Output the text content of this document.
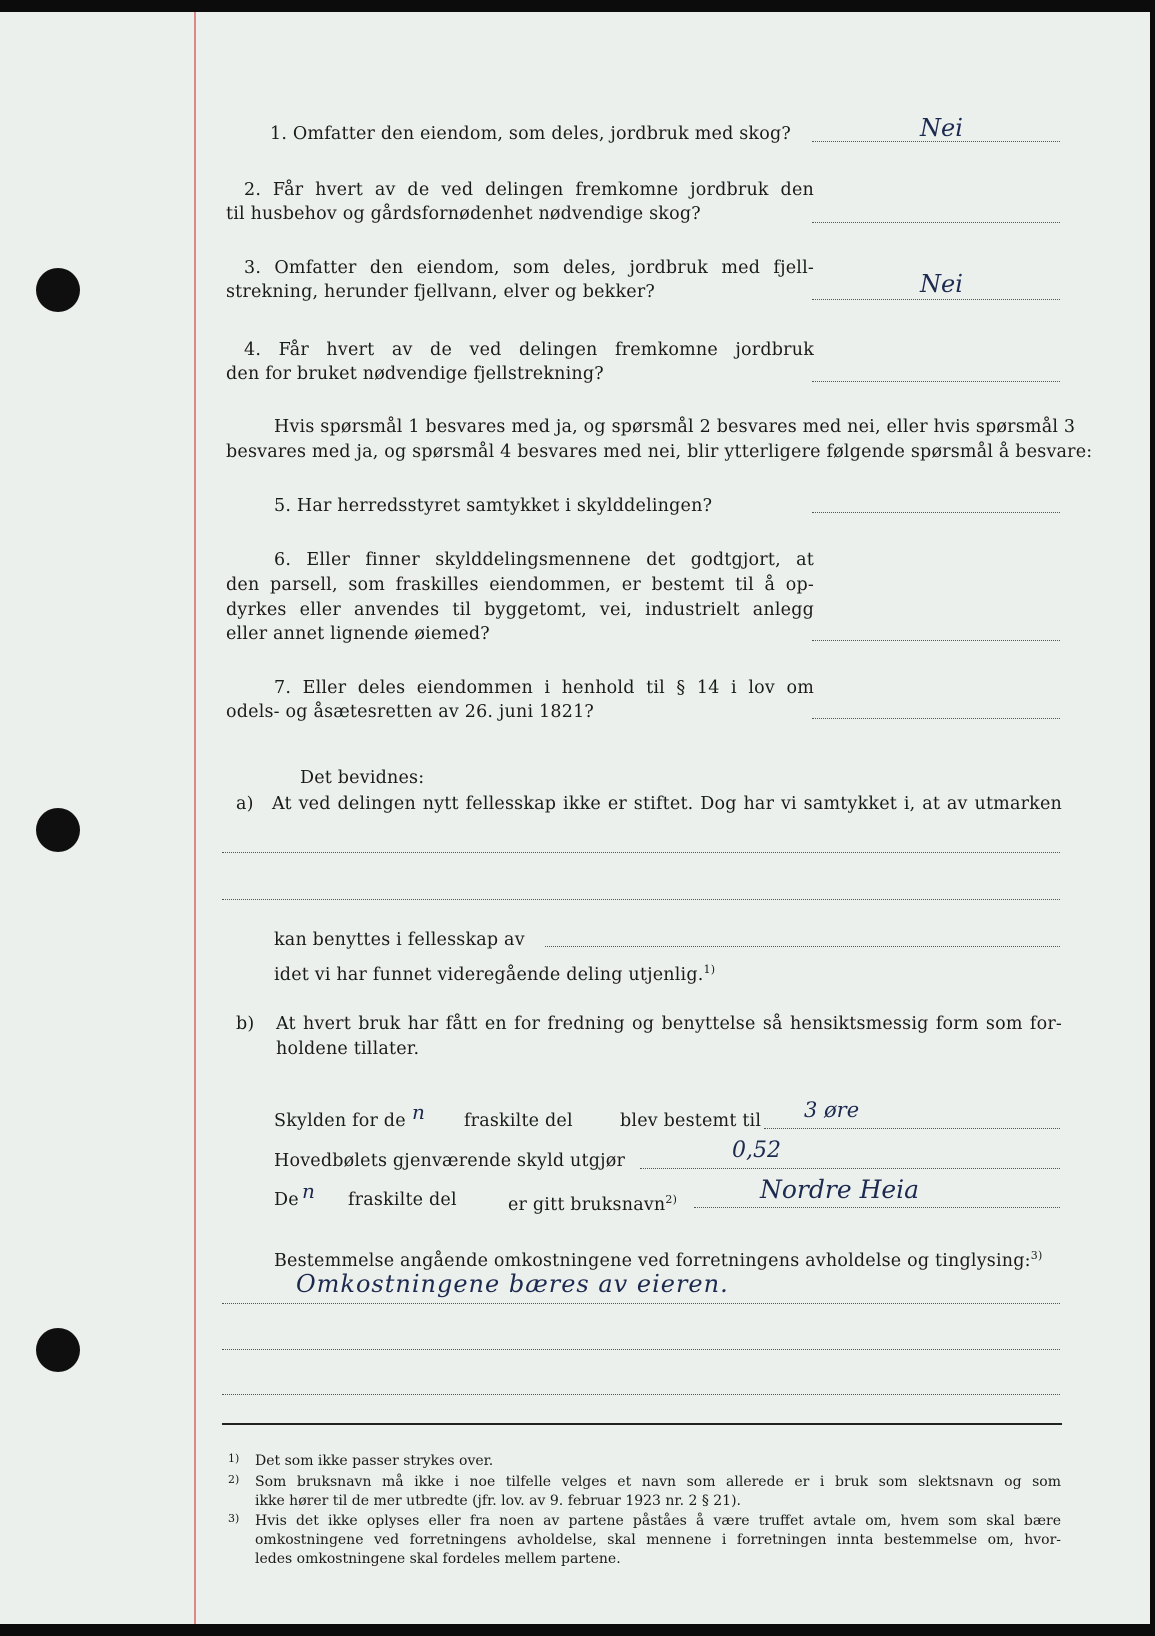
1. Omfatter den eiendom, som deles, jordbruk med skog?	Nei
2. Får hvert av de ved delingen fremkomne jordbruk den
til husbehov og gårdsfornødenhet nødvendige skog?
3. Omfatter den eiendom, som deles, jordbruk med fjell-
strekning, herunder fjellvann, elver og bekker?	Nei
4. Får hvert av de ved delingen fremkomne jordbruk
den for bruket nødvendige fjellstrekning?
Hvis spørsmål 1 besvares med ja, og spørsmål 2 besvares med nei, eller hvis spørsmål 3
besvares med ja, og spørsmål 4 besvares med nei, blir ytterligere følgende spørsmål å besvare:
5. Har herredsstyret samtykket i skylddelingen?
6. Eller finner skylddelingsmennene det godtgjort, at
den parsell, som fraskilles eiendommen, er bestemt til å op-
dyrkes eller anvendes til byggetomt, vei, industrielt anlegg
eller annet lignende øiemed?
7. Eller deles eiendommen i henhold til § 14 i lov om
odels- og åsætesretten av 26. juni 1821?
Det bevidnes:
a) At ved delingen nytt fellesskap ikke er stiftet. Dog har vi samtykket i, at av utmarken
kan benyttes i fellesskap av
idet vi har funnet videregående deling utjenlig.$^{1)}$
b) At hvert bruk har fått en for fredning og benyttelse så hensiktsmessig form som for-
holdene tillater.
Skylden for de n fraskilte del	blev bestemt til 3 øre
Hovedbølets gjenværende skyld utgjør	0,52
De n fraskilte del	er gitt bruksnavn$^{2)}$	Nordre Heia
Bestemmelse angående omkostningene ved forretningens avholdelse og tinglysing:$^{3)}$
Omkostningene bæres av eieren.
1) Det som ikke passer strykes over.
2) Som bruksnavn må ikke i noe tilfelle velges et navn som allerede er i bruk som slektsnavn og som
ikke hører til de mer utbredte (jfr. lov. av 9. februar 1923 nr. 2 § 21).
3) Hvis det ikke oplyses eller fra noen av partene påståes å være truffet avtale om, hvem som skal bære
omkostningene ved forretningens avholdelse, skal mennene i forretningen innta bestemmelse om, hvor-
ledes omkostningene skal fordeles mellem partene.
